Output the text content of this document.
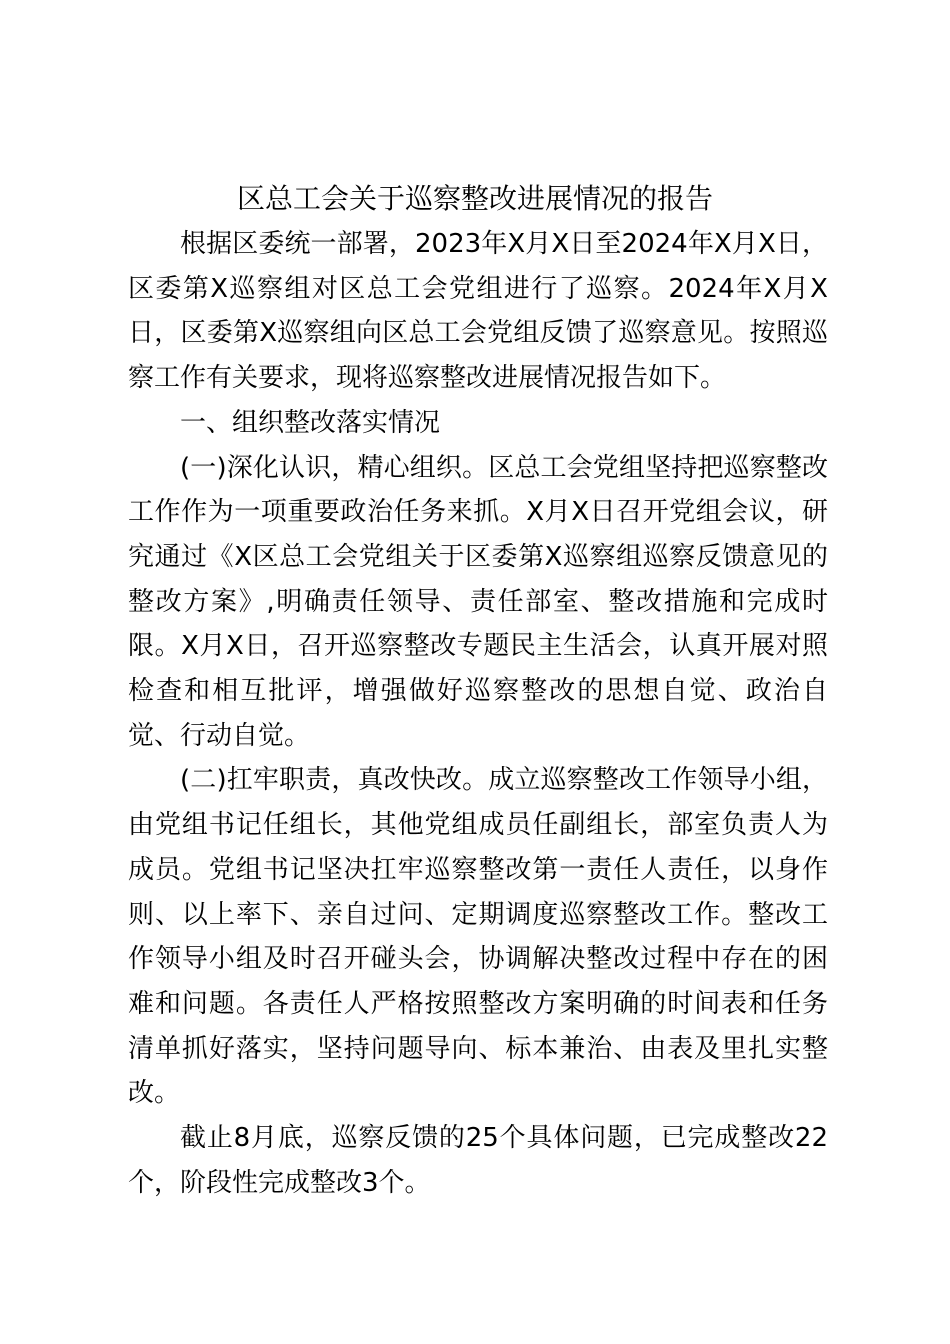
区总工会关于巡察整改进展情况的报告

根据区委统一部署，2023年X月X日至2024年X月X日，区委第X巡察组对区总工会党组进行了巡察。2024年X月X日，区委第X巡察组向区总工会党组反馈了巡察意见。按照巡察工作有关要求，现将巡察整改进展情况报告如下。

一、组织整改落实情况

(一)深化认识，精心组织。区总工会党组坚持把巡察整改工作作为一项重要政治任务来抓。X月X日召开党组会议，研究通过《X区总工会党组关于区委第X巡察组巡察反馈意见的整改方案》,明确责任领导、责任部室、整改措施和完成时限。X月X日，召开巡察整改专题民主生活会，认真开展对照检查和相互批评，增强做好巡察整改的思想自觉、政治自觉、行动自觉。

(二)扛牢职责，真改快改。成立巡察整改工作领导小组，由党组书记任组长，其他党组成员任副组长，部室负责人为成员。党组书记坚决扛牢巡察整改第一责任人责任，以身作则、以上率下、亲自过问、定期调度巡察整改工作。整改工作领导小组及时召开碰头会，协调解决整改过程中存在的困难和问题。各责任人严格按照整改方案明确的时间表和任务清单抓好落实，坚持问题导向、标本兼治、由表及里扎实整改。

截止8月底，巡察反馈的25个具体问题，已完成整改22个，阶段性完成整改3个。
